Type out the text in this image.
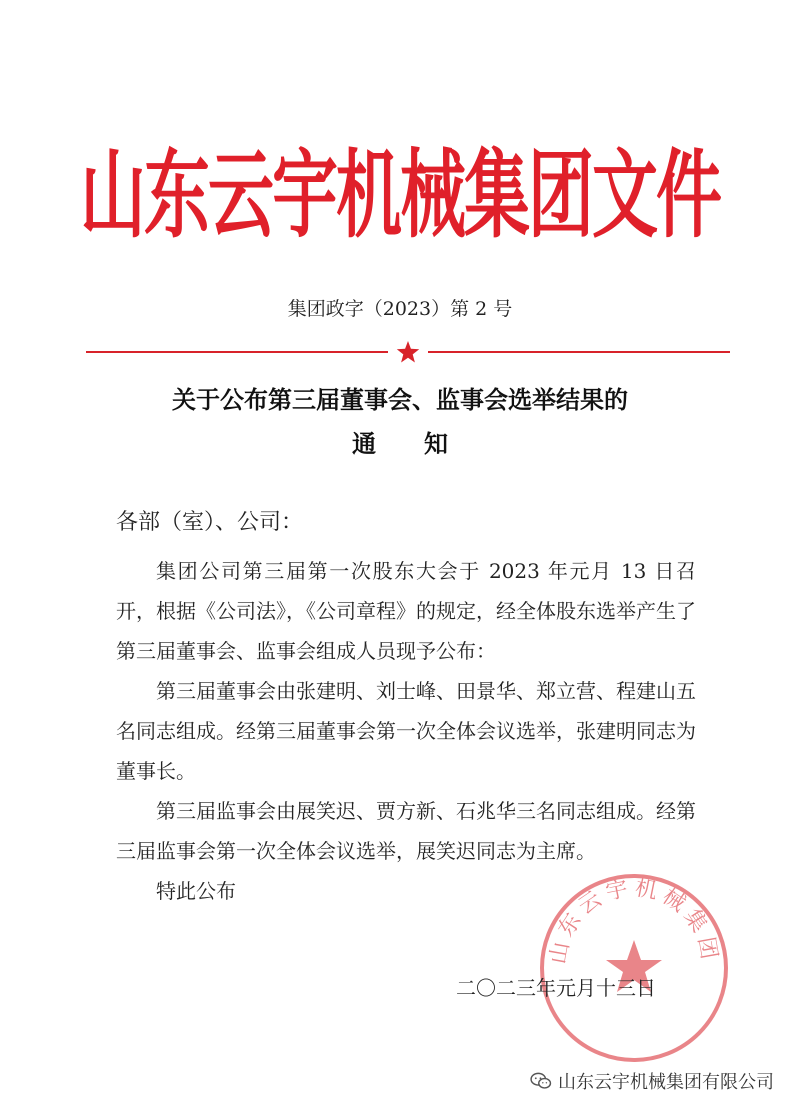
山东云宇机械集团文件
集团政字（2023）第 2 号
关于公布第三届董事会、监事会选举结果的
通知

各部（室）、公司：

集团公司第三届第一次股东大会于 2023 年元月 13 日召开，根据《公司法》，《公司章程》的规定，经全体股东选举产生了第三届董事会、监事会组成人员现予公布：

第三届董事会由张建明、刘士峰、田景华、郑立营、程建山五名同志组成。经第三届董事会第一次全体会议选举，张建明同志为董事长。

第三届监事会由展笑迟、贾方新、石兆华三名同志组成。经第三届监事会第一次全体会议选举，展笑迟同志为主席。

特此公布

山东云宇机械集团
二〇二三年元月十三日
山东云宇机械集团有限公司
